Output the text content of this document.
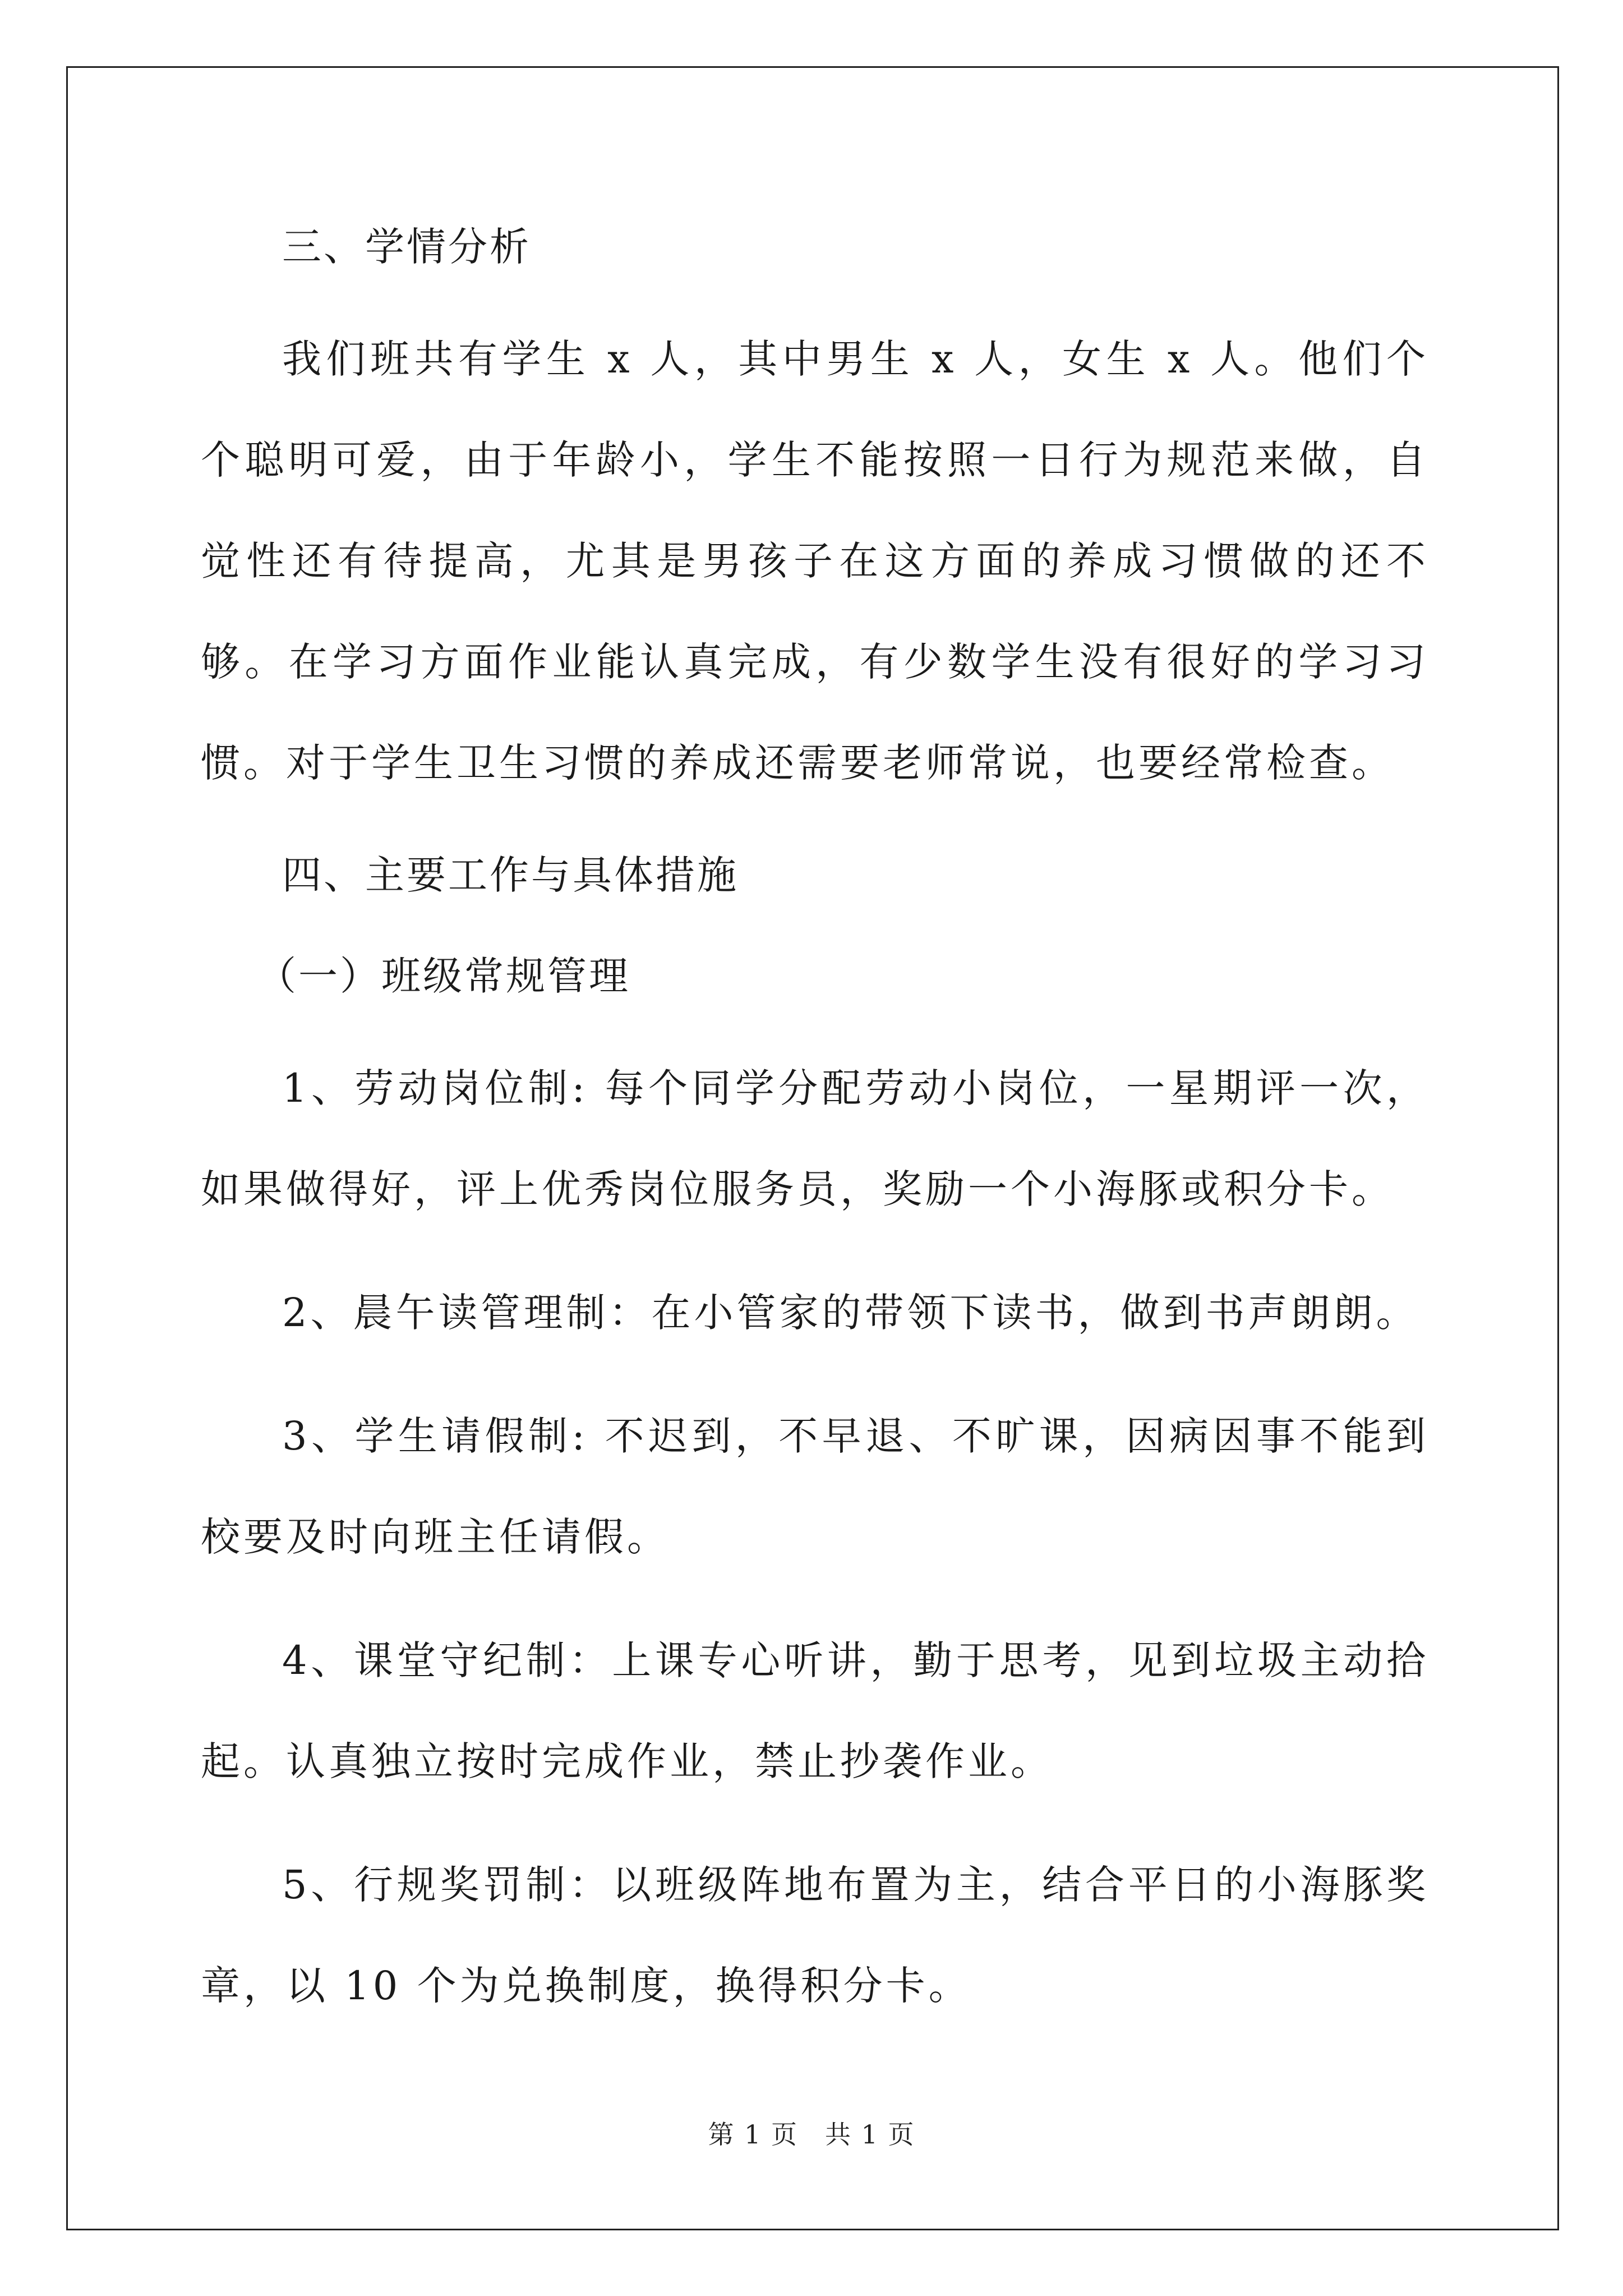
三、学情分析

我们班共有学生 x 人，其中男生 x 人，女生 x 人。他们个个聪明可爱，由于年龄小，学生不能按照一日行为规范来做，自觉性还有待提高，尤其是男孩子在这方面的养成习惯做的还不够。在学习方面作业能认真完成，有少数学生没有很好的学习习惯。对于学生卫生习惯的养成还需要老师常说，也要经常检查。

四、主要工作与具体措施

（一）班级常规管理

1、劳动岗位制: 每个同学分配劳动小岗位，一星期评一次，如果做得好，评上优秀岗位服务员，奖励一个小海豚或积分卡。

2、晨午读管理制：在小管家的带领下读书，做到书声朗朗。

3、学生请假制: 不迟到，不早退、不旷课，因病因事不能到校要及时向班主任请假。

4、课堂守纪制：上课专心听讲，勤于思考，见到垃圾主动拾起。认真独立按时完成作业，禁止抄袭作业。

5、行规奖罚制：以班级阵地布置为主，结合平日的小海豚奖章，以 10 个为兑换制度，换得积分卡。

第 1 页 共 1 页
